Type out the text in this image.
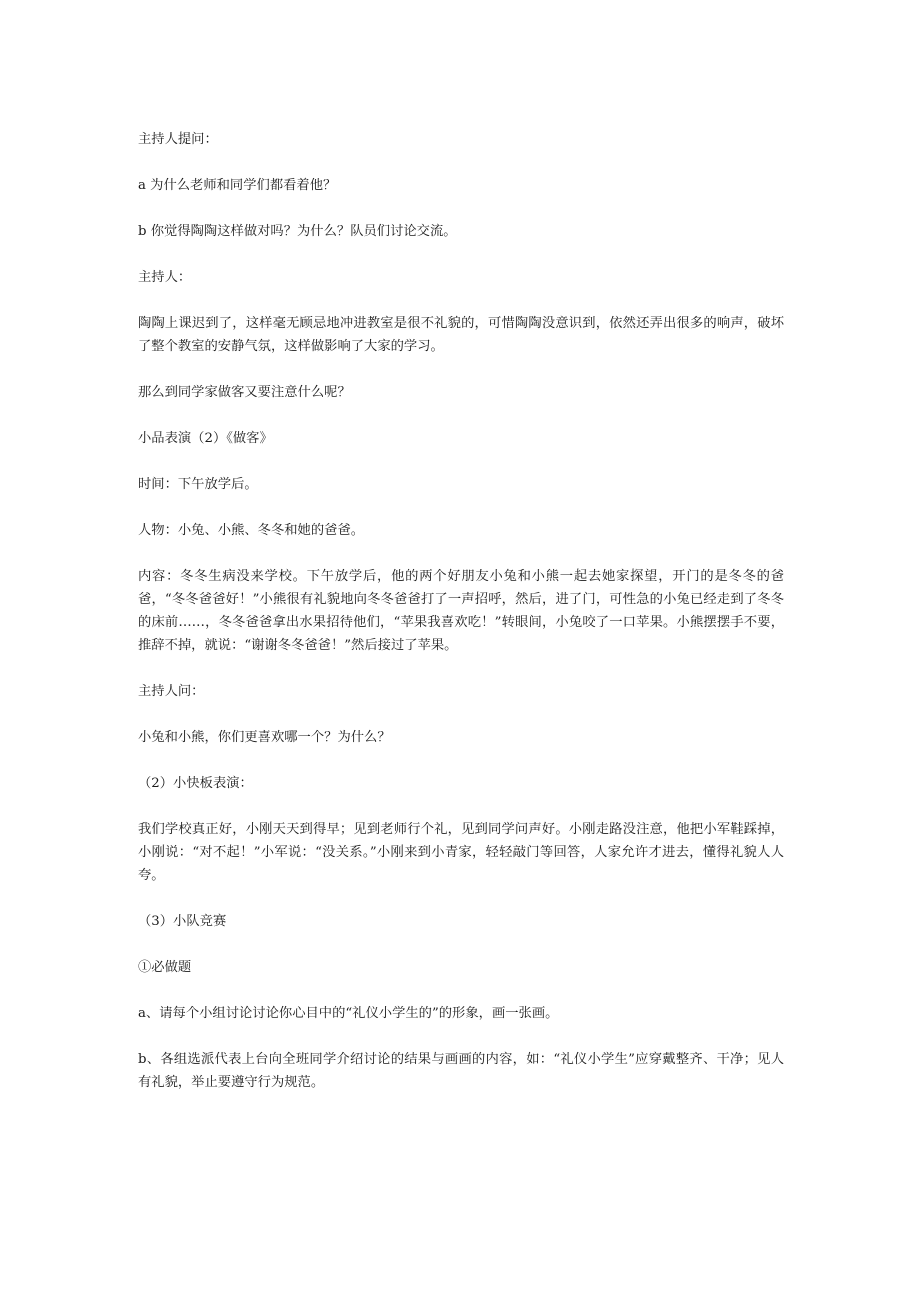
主持人提问：

a 为什么老师和同学们都看着他？

b 你觉得陶陶这样做对吗？为什么？队员们讨论交流。

主持人：

陶陶上课迟到了，这样毫无顾忌地冲进教室是很不礼貌的，可惜陶陶没意识到，依然还弄出很多的响声，破坏了整个教室的安静气氛，这样做影响了大家的学习。

那么到同学家做客又要注意什么呢？

小品表演（2）《做客》

时间：下午放学后。

人物：小兔、小熊、冬冬和她的爸爸。

内容：冬冬生病没来学校。下午放学后，他的两个好朋友小兔和小熊一起去她家探望，开门的是冬冬的爸爸，“冬冬爸爸好！”小熊很有礼貌地向冬冬爸爸打了一声招呼，然后，进了门，可性急的小兔已经走到了冬冬的床前……，冬冬爸爸拿出水果招待他们，“苹果我喜欢吃！”转眼间，小兔咬了一口苹果。小熊摆摆手不要，推辞不掉，就说：“谢谢冬冬爸爸！”然后接过了苹果。

主持人问：

小兔和小熊，你们更喜欢哪一个？为什么？

（2）小快板表演：

我们学校真正好，小刚天天到得早；见到老师行个礼，见到同学问声好。小刚走路没注意，他把小军鞋踩掉，小刚说：“对不起！”小军说：“没关系。”小刚来到小青家，轻轻敲门等回答，人家允许才进去，懂得礼貌人人夸。

（3）小队竞赛

①必做题

a、请每个小组讨论讨论你心目中的“礼仪小学生的”的形象，画一张画。

b、各组选派代表上台向全班同学介绍讨论的结果与画画的内容，如：“礼仪小学生”应穿戴整齐、干净；见人有礼貌，举止要遵守行为规范。
